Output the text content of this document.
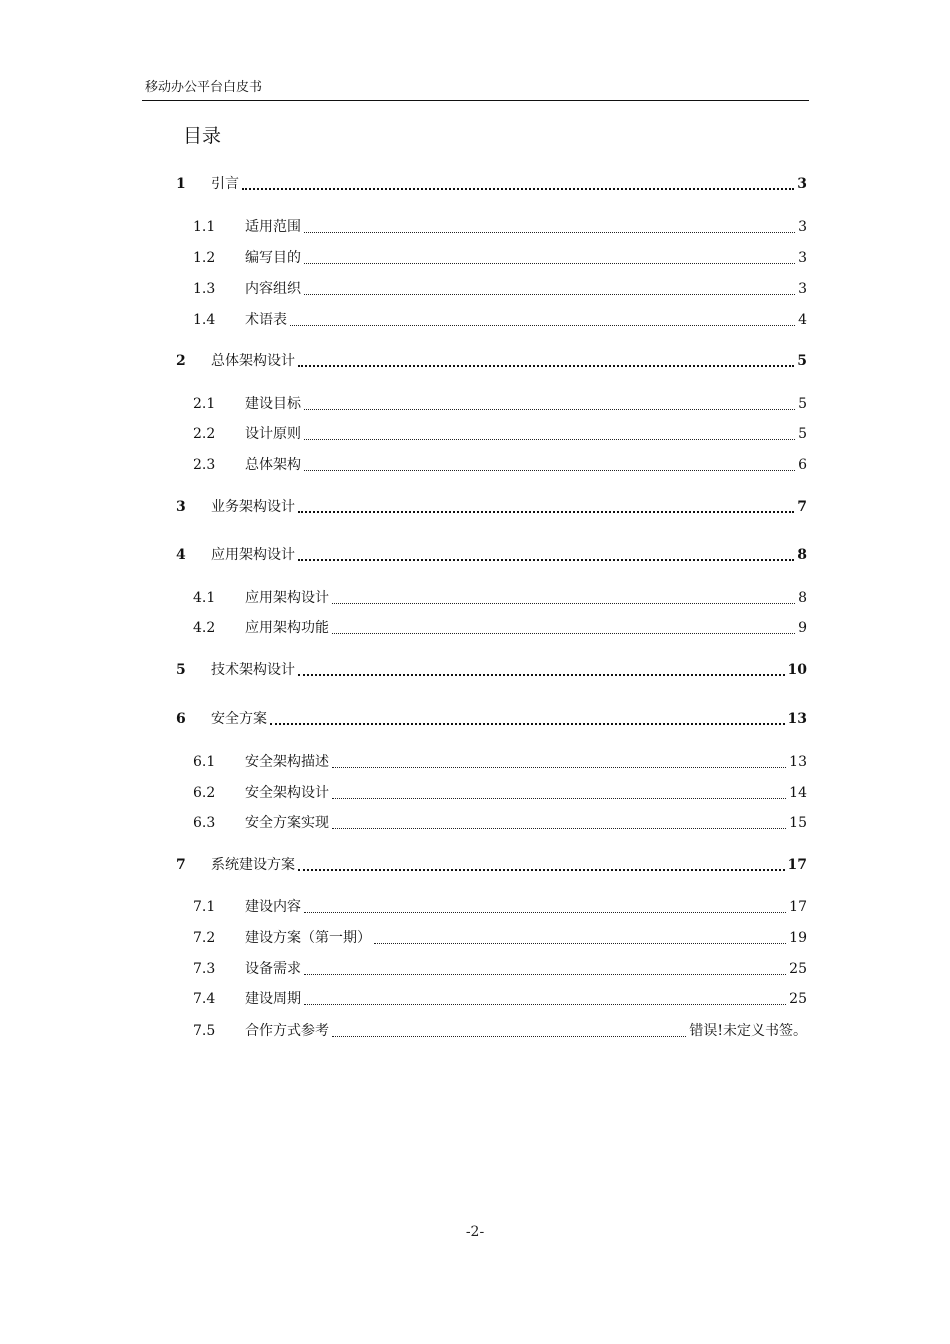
移动办公平台白皮书
目录
1	引言	3
1.1	适用范围	3
1.2	编写目的	3
1.3	内容组织	3
1.4	术语表	4
2	总体架构设计	5
2.1	建设目标	5
2.2	设计原则	5
2.3	总体架构	6
3	业务架构设计	7
4	应用架构设计	8
4.1	应用架构设计	8
4.2	应用架构功能	9
5	技术架构设计	10
6	安全方案	13
6.1	安全架构描述	13
6.2	安全架构设计	14
6.3	安全方案实现	15
7	系统建设方案	17
7.1	建设内容	17
7.2	建设方案（第一期）	19
7.3	设备需求	25
7.4	建设周期	25
7.5	合作方式参考	错误!未定义书签。
-2-
